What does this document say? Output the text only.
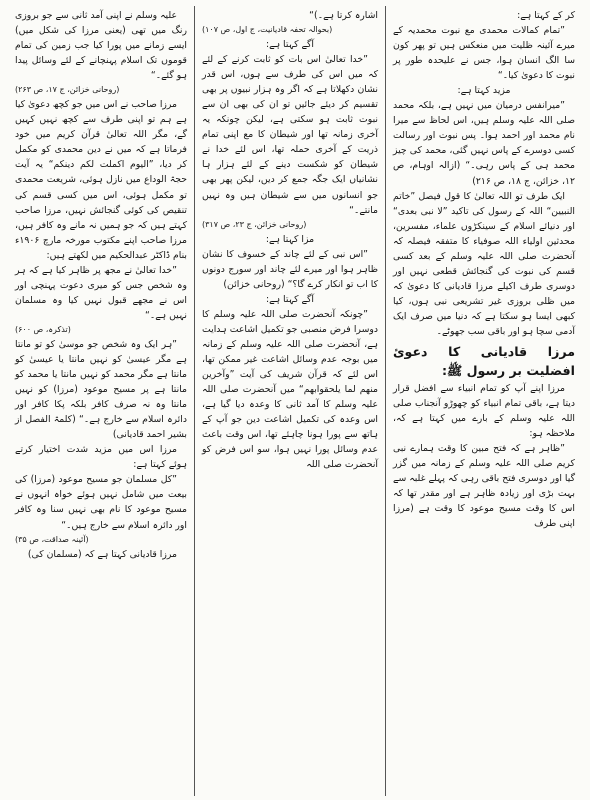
کر کے کہتا ہے:

”تمام کمالات محمدی مع نبوت محمدیہ کے میرے آئینہ ظلیت میں منعکس ہیں تو پھر کون سا الگ انسان ہوا، جس نے علیحدہ طور پر نبوت کا دعویٰ کیا۔“

مزید کہتا ہے:

”میرانفس درمیان میں نہیں ہے، بلکہ محمد صلی اللہ علیہ وسلم ہیں، اس لحاظ سے میرا نام محمد اور احمد ہوا۔ پس نبوت اور رسالت کسی دوسرے کے پاس نہیں گئی، محمد کی چیز محمد ہی کے پاس رہی۔“ (ازالہ اوہام، ص ۱۲، خزائن، ج ۱۸، ص ۲۱۶)

ایک طرف تو اللہ تعالیٰ کا قول فیصل ”خاتم النبیین“ اللہ کے رسول کی تاکید ”لا نبی بعدی“ اور دنیائے اسلام کے سینکڑوں علماء، مفسرین، محدثین اولیاء اللہ صوفیاء کا متفقہ فیصلہ کہ آنحضرت صلی اللہ علیہ وسلم کے بعد کسی قسم کی نبوت کی گنجائش قطعی نہیں اور دوسری طرف اکیلے مرزا قادیانی کا دعویٰ کہ میں ظلی بروزی غیر تشریعی نبی ہوں، کیا کبھی ایسا ہو سکتا ہے کہ دنیا میں صرف ایک آدمی سچا ہو اور باقی سب جھوٹے۔

مرزا قادیانی کا دعویٔ افضلیت بر رسول ﷺ:

مرزا اپنے آپ کو تمام انبیاء سے افضل قرار دیتا ہے، باقی تمام انبیاء کو چھوڑو آنجناب صلی اللہ علیہ وسلم کے بارے میں کہتا ہے کہ، ملاحظہ ہو:

”ظاہر ہے کہ فتح مبین کا وقت ہمارے نبی کریم صلی اللہ علیہ وسلم کے زمانہ میں گزر گیا اور دوسری فتح باقی رہی کہ پہلے غلبہ سے بہت بڑی اور زیادہ ظاہر ہے اور مقدر تھا کہ اس کا وقت مسیح موعود کا وقت ہے (مرزا اپنی طرف

اشارہ کرتا ہے۔)“

(بحوالہ تحفہ قادیانیت، ج اول، ص ۱۰۷)

آگے کہتا ہے:

”خدا تعالیٰ اس بات کو ثابت کرنے کے لئے کہ میں اس کی طرف سے ہوں، اس قدر نشان دکھلاتا ہے کہ اگر وہ ہزار نبیوں پر بھی تقسیم کر دیئے جائیں تو ان کی بھی ان سے نبوت ثابت ہو سکتی ہے، لیکن چونکہ یہ آخری زمانہ تھا اور شیطان کا مع اپنی تمام ذریت کے آخری حملہ تھا، اس لئے خدا نے شیطان کو شکست دینے کے لئے ہزار ہا نشانیاں ایک جگہ جمع کر دیں، لیکن پھر بھی جو انسانوں میں سے شیطان ہیں وہ نہیں مانتے۔“

(روحانی خزائن، ج ۲۳، ص ۳۱۷)

مزا کہتا ہے:

”اس نبی کے لئے چاند کے خسوف کا نشان ظاہر ہوا اور میرے لئے چاند اور سورج دونوں کا اب تو انکار کرے گا؟“ (روحانی خزائن)

آگے کہتا ہے:

”چونکہ آنحضرت صلی اللہ علیہ وسلم کا دوسرا فرض منصبی جو تکمیل اشاعت ہدایت ہے، آنحضرت صلی اللہ علیہ وسلم کے زمانہ میں بوجہ عدم وسائل اشاعت غیر ممکن تھا، اس لئے کہ قرآن شریف کی آیت ”وآخرین منھم لما یلحقوابھم“ میں آنحضرت صلی اللہ علیہ وسلم کا آمد ثانی کا وعدہ دیا گیا ہے، اس وعدہ کی تکمیل اشاعت دین جو آپ کے ہاتھ سے پورا ہونا چاہئے تھا، اس وقت باعث عدم وسائل پورا نہیں ہوا، سو اس فرض کو آنحضرت صلی اللہ

علیہ وسلم نے اپنی آمد ثانی سے جو بروزی رنگ میں تھی (یعنی مرزا کی شکل میں) ایسے زمانے میں پورا کیا جب زمین کی تمام قوموں تک اسلام پہنچانے کے لئے وسائل پیدا ہو گئے۔“

(روحانی خزائن، ج ۱۷، ص ۲۶۳)

مرزا صاحب نے اس میں جو کچھ دعویٰ کیا ہے ہم تو اپنی طرف سے کچھ نہیں کہیں گے، مگر اللہ تعالیٰ قرآن کریم میں خود فرماتا ہے کہ میں نے دین محمدی کو مکمل کر دیا، ”الیوم اکملت لکم دینکم“ یہ آیت حجۃ الوداع میں نازل ہوئی، شریعت محمدی تو مکمل ہوئی، اس میں کسی قسم کی تنقیص کی کوئی گنجائش نہیں، مرزا صاحب کہتے ہیں کہ جو ہمیں نہ مانے وہ کافر ہیں، مرزا صاحب اپنے مکتوب مورخہ مارچ ۱۹۰۶ء بنام ڈاکٹر عبدالحکیم میں لکھتے ہیں:

”خدا تعالیٰ نے مجھ پر ظاہر کیا ہے کہ ہر وہ شخص جس کو میری دعوت پہنچی اور اس نے مجھے قبول نہیں کیا وہ مسلمان نہیں ہے۔“

(تذکرہ، ص ۶۰۰)

”ہر ایک وہ شخص جو موسیٰ کو تو مانتا ہے مگر عیسیٰ کو نہیں مانتا یا عیسیٰ کو مانتا ہے مگر محمد کو نہیں مانتا یا محمد کو مانتا ہے پر مسیح موعود (مرزا) کو نہیں مانتا وہ نہ صرف کافر بلکہ پکا کافر اور دائرہ اسلام سے خارج ہے۔“ (کلمۃ الفصل از بشیر احمد قادیانی)

مرزا اس میں مزید شدت اختیار کرتے ہوئے کہتا ہے:

”کل مسلمان جو مسیح موعود (مرزا) کی بیعت میں شامل نہیں ہوئے خواہ انہوں نے مسیح موعود کا نام بھی نہیں سنا وہ کافر اور دائرہ اسلام سے خارج ہیں۔“

(آئینہ صداقت، ص ۳۵)

مرزا قادیانی کہتا ہے کہ (مسلمان کی)
